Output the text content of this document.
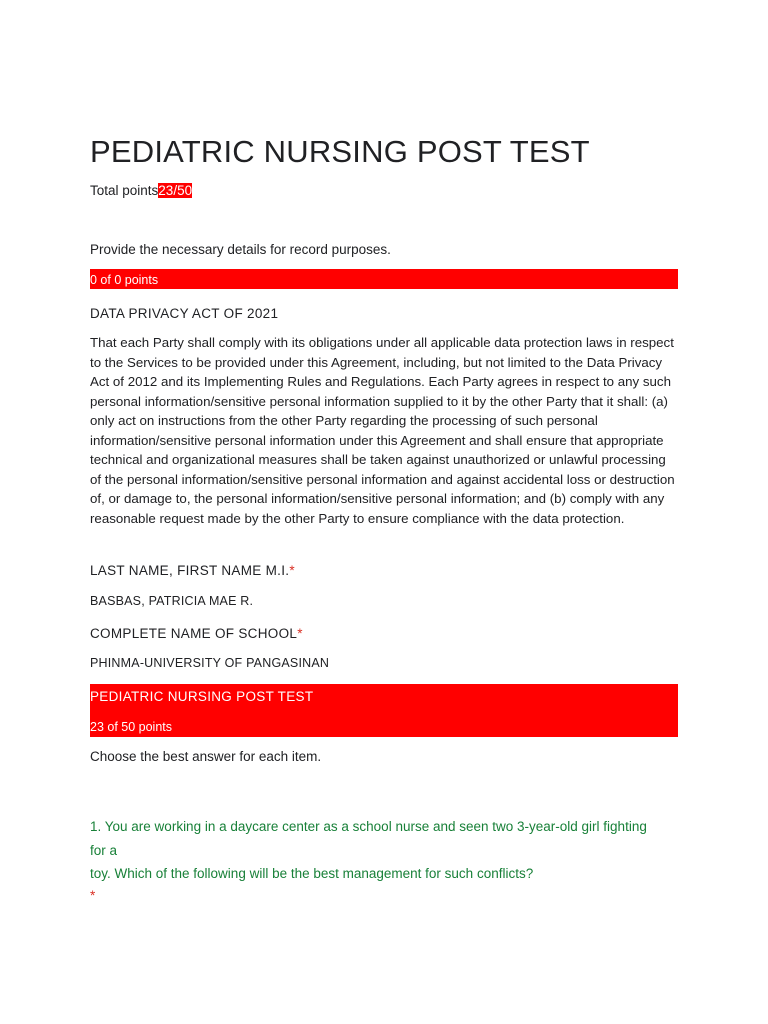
PEDIATRIC NURSING POST TEST
Total points23/50
Provide the necessary details for record purposes.
0 of 0 points
DATA PRIVACY ACT OF 2021

That each Party shall comply with its obligations under all applicable data protection laws in respect to the Services to be provided under this Agreement, including, but not limited to the Data Privacy Act of 2012 and its Implementing Rules and Regulations. Each Party agrees in respect to any such personal information/sensitive personal information supplied to it by the other Party that it shall: (a) only act on instructions from the other Party regarding the processing of such personal information/sensitive personal information under this Agreement and shall ensure that appropriate technical and organizational measures shall be taken against unauthorized or unlawful processing of the personal information/sensitive personal information and against accidental loss or destruction of, or damage to, the personal information/sensitive personal information; and (b) comply with any reasonable request made by the other Party to ensure compliance with the data protection.

LAST NAME, FIRST NAME M.I.*
BASBAS, PATRICIA MAE R.
COMPLETE NAME OF SCHOOL*
PHINMA-UNIVERSITY OF PANGASINAN
PEDIATRIC NURSING POST TEST
23 of 50 points
Choose the best answer for each item.
1. You are working in a daycare center as a school nurse and seen two 3-year-old girl fighting
for a
toy. Which of the following will be the best management for such conflicts?
*
